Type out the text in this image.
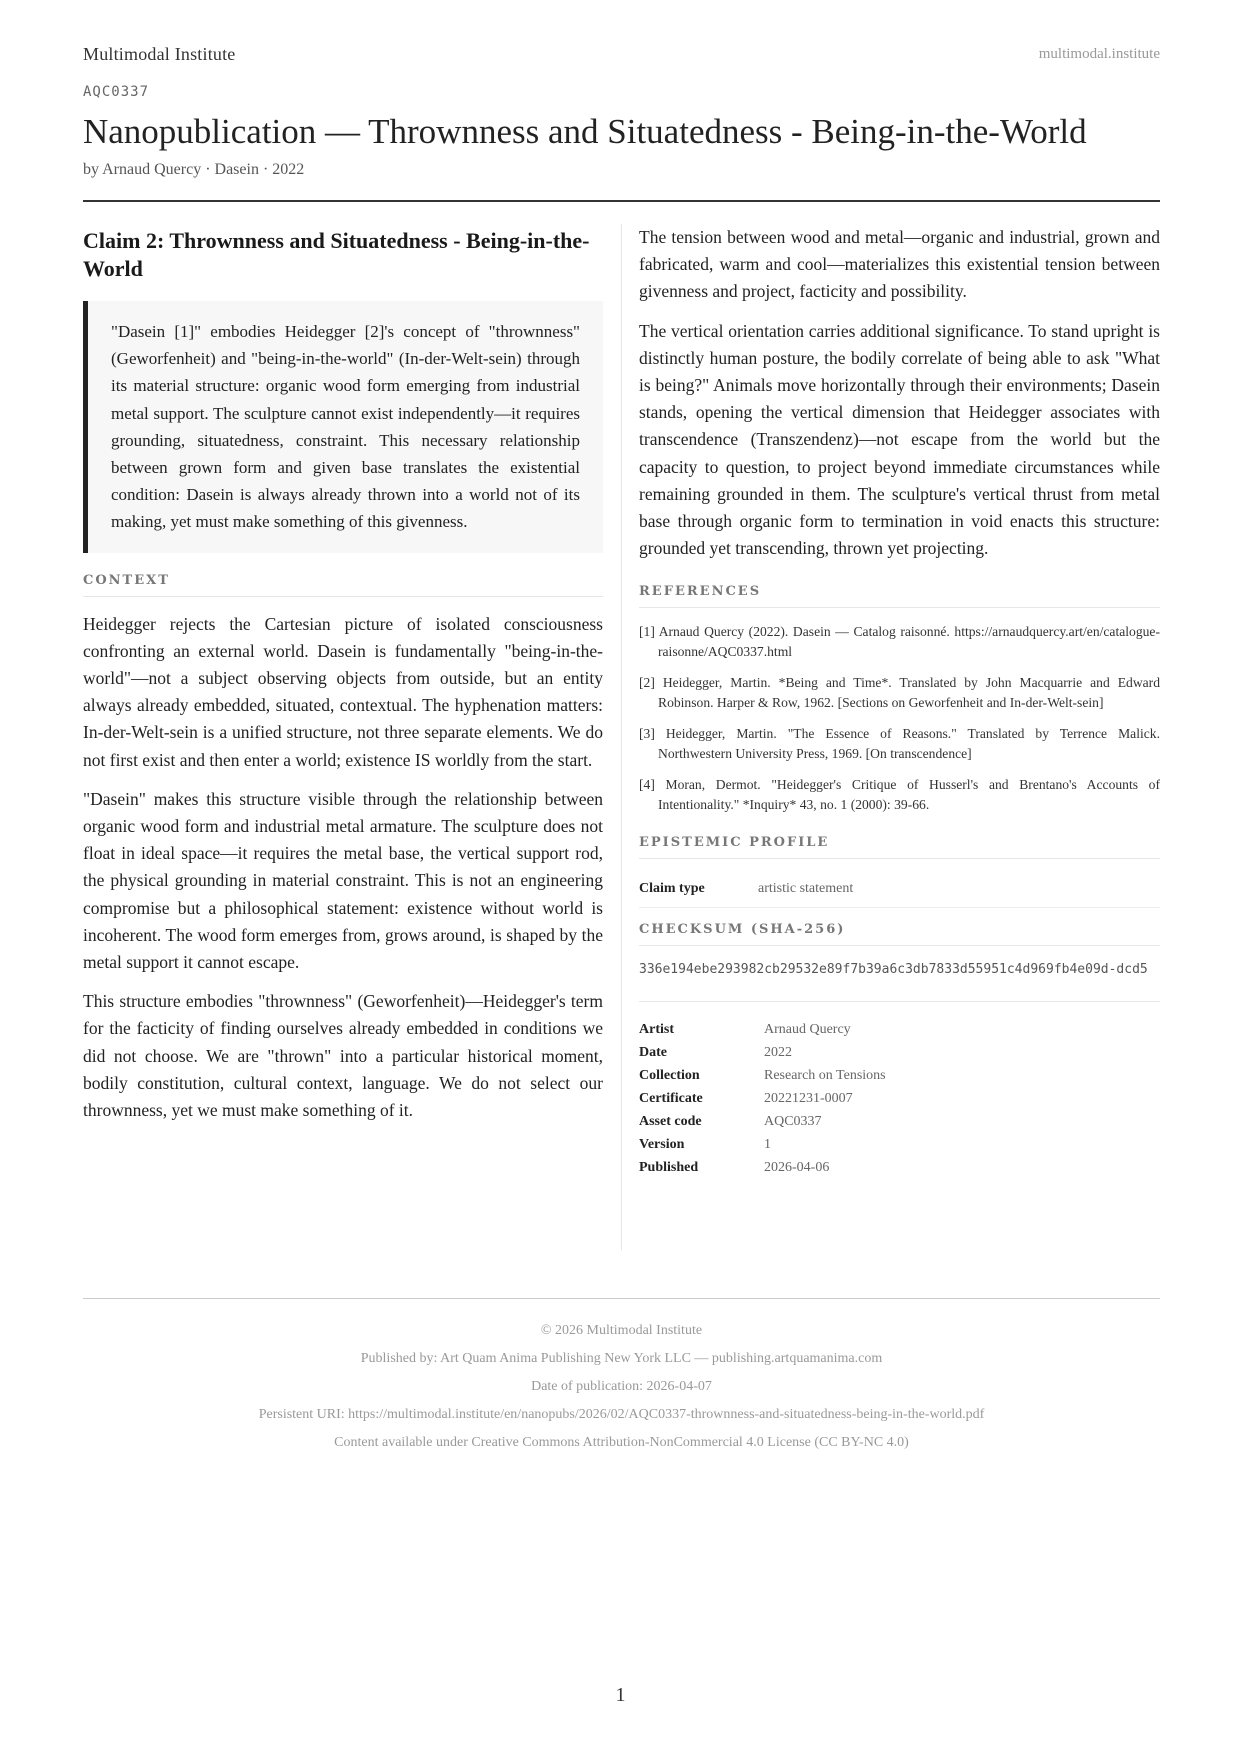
Multimodal Institute	multimodal.institute
AQC0337
Nanopublication — Thrownness and Situatedness - Being-in-the-World
by Arnaud Quercy · Dasein · 2022
Claim 2: Thrownness and Situatedness - Being-in-the-World
"Dasein [1]" embodies Heidegger [2]'s concept of "thrownness" (Geworfenheit) and "being-in-the-world" (In-der-Welt-sein) through its material structure: organic wood form emerging from industrial metal support. The sculpture cannot exist independently—it requires grounding, situatedness, constraint. This necessary relationship between grown form and given base translates the existential condition: Dasein is always already thrown into a world not of its making, yet must make something of this givenness.
CONTEXT

Heidegger rejects the Cartesian picture of isolated consciousness confronting an external world. Dasein is fundamentally "being-in-the-world"—not a subject observing objects from outside, but an entity always already embedded, situated, contextual. The hyphenation matters: In-der-Welt-sein is a unified structure, not three separate elements. We do not first exist and then enter a world; existence IS worldly from the start.

"Dasein" makes this structure visible through the relationship between organic wood form and industrial metal armature. The sculpture does not float in ideal space—it requires the metal base, the vertical support rod, the physical grounding in material constraint. This is not an engineering compromise but a philosophical statement: existence without world is incoherent. The wood form emerges from, grows around, is shaped by the metal support it cannot escape.

This structure embodies "thrownness" (Geworfenheit)—Heidegger's term for the facticity of finding ourselves already embedded in conditions we did not choose. We are "thrown" into a particular historical moment, bodily constitution, cultural context, language. We do not select our thrownness, yet we must make something of it.

The tension between wood and metal—organic and industrial, grown and fabricated, warm and cool—materializes this existential tension between givenness and project, facticity and possibility.

The vertical orientation carries additional significance. To stand upright is distinctly human posture, the bodily correlate of being able to ask "What is being?" Animals move horizontally through their environments; Dasein stands, opening the vertical dimension that Heidegger associates with transcendence (Transzendenz)—not escape from the world but the capacity to question, to project beyond immediate circumstances while remaining grounded in them. The sculpture's vertical thrust from metal base through organic form to termination in void enacts this structure: grounded yet transcending, thrown yet projecting.

REFERENCES
[1] Arnaud Quercy (2022). Dasein — Catalog raisonné. https://arnaudquercy.art/en/catalogue-raisonne/AQC0337.html
[2] Heidegger, Martin. *Being and Time*. Translated by John Macquarrie and Edward Robinson. Harper & Row, 1962. [Sections on Geworfenheit and In-der-Welt-sein]
[3] Heidegger, Martin. "The Essence of Reasons." Translated by Terrence Malick. Northwestern University Press, 1969. [On transcendence]
[4] Moran, Dermot. "Heidegger's Critique of Husserl's and Brentano's Accounts of Intentionality." *Inquiry* 43, no. 1 (2000): 39-66.
EPISTEMIC PROFILE
Claim type	artistic statement
CHECKSUM (SHA-256)
336e194ebe293982cb29532e89f7b39a6c3db7833d55951c4d969fb4e09d-dcd5
Artist	Arnaud Quercy
Date	2022
Collection	Research on Tensions
Certificate	20221231-0007
Asset code	AQC0337
Version	1
Published	2026-04-06
© 2026 Multimodal Institute
Published by: Art Quam Anima Publishing New York LLC — publishing.artquamanima.com
Date of publication: 2026-04-07
Persistent URI: https://multimodal.institute/en/nanopubs/2026/02/AQC0337-thrownness-and-situatedness-being-in-the-world.pdf
Content available under Creative Commons Attribution-NonCommercial 4.0 License (CC BY-NC 4.0)
1
